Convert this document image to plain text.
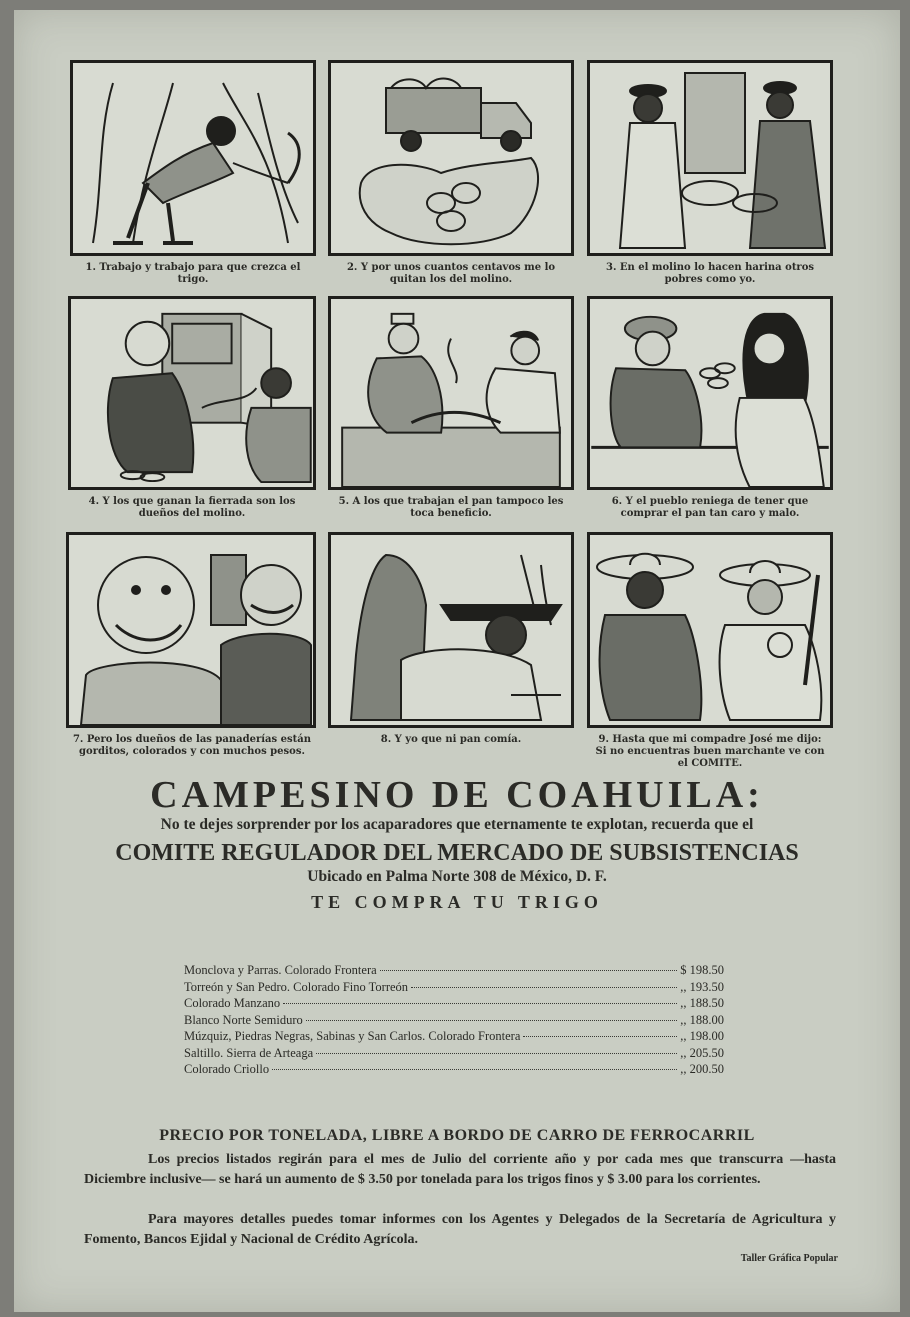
1. Trabajo y trabajo para que crezca el trigo.
2. Y por unos cuantos centavos me lo quitan los del molino.
3. En el molino lo hacen harina otros pobres como yo.
4. Y los que ganan la fierrada son los dueños del molino.
5. A los que trabajan el pan tampoco les toca beneficio.
6. Y el pueblo reniega de tener que comprar el pan tan caro y malo.
7. Pero los dueños de las panaderías están gorditos, colorados y con muchos pesos.
8. Y yo que ni pan comía.	9. Hasta que mi compadre José me dijo: Si no encuentras buen marchante ve con el COMITE.
CAMPESINO DE COAHUILA:
No te dejes sorprender por los acaparadores que eternamente te explotan, recuerda que el
COMITE REGULADOR DEL MERCADO DE SUBSISTENCIAS
Ubicado en Palma Norte 308 de México, D. F.
TE COMPRA TU TRIGO
Monclova y Parras. Colorado Frontera	$ 198.50
Torreón y San Pedro. Colorado Fino Torreón	,, 193.50
Colorado Manzano	,, 188.50
Blanco Norte Semiduro	,, 188.00
Múzquiz, Piedras Negras, Sabinas y San Carlos. Colorado Frontera	,, 198.00
Saltillo. Sierra de Arteaga	,, 205.50
Colorado Criollo	,, 200.50
PRECIO POR TONELADA, LIBRE A BORDO DE CARRO DE FERROCARRIL
Los precios listados regirán para el mes de Julio del corriente año y por cada mes que transcurra —hasta Diciembre inclusive— se hará un aumento de $ 3.50 por tonelada para los trigos finos y $ 3.00 para los corrientes.
Para mayores detalles puedes tomar informes con los Agentes y Delegados de la Secretaría de Agricultura y Fomento, Bancos Ejidal y Nacional de Crédito Agrícola.
Taller Gráfica Popular
